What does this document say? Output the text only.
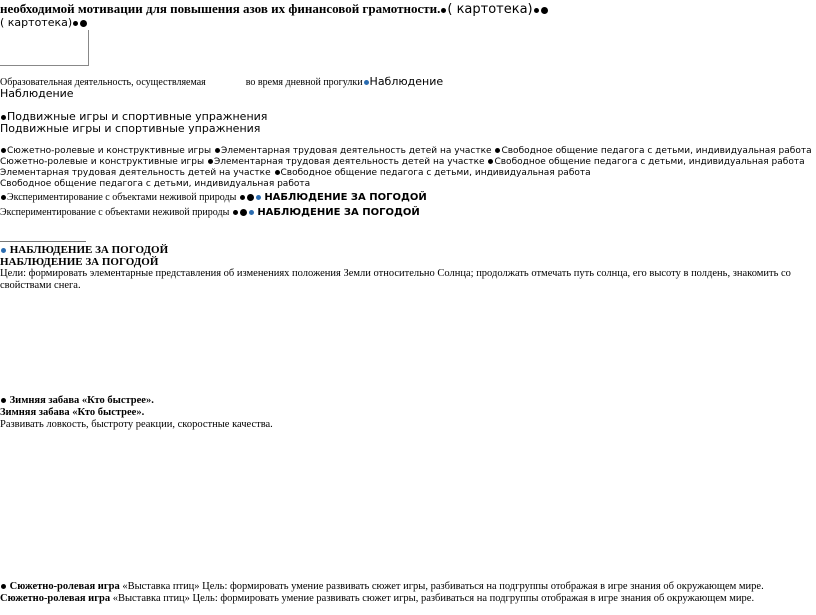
необходимой мотивации для повышения азов их финансовой грамотности. ( картотека)
( картотека)
Образовательная деятельность, осуществляемая	во время дневной прогулки Наблюдение
Наблюдение
Подвижные игры и спортивные упражнения
Подвижные игры и спортивные упражнения
Сюжетно-ролевые и конструктивные игры Элементарная трудовая деятельность детей на участке Свободное общение педагога с детьми, индивидуальная работа
Сюжетно-ролевые и конструктивные игры Элементарная трудовая деятельность детей на участке Свободное общение педагога с детьми, индивидуальная работа
Элементарная трудовая деятельность детей на участке Свободное общение педагога с детьми, индивидуальная работа
Свободное общение педагога с детьми, индивидуальная работа
Экспериментирование с объектами неживой природы	НАБЛЮДЕНИЕ ЗА ПОГОДОЙ
Экспериментирование с объектами неживой природы	НАБЛЮДЕНИЕ ЗА ПОГОДОЙ
НАБЛЮДЕНИЕ ЗА ПОГОДОЙ
НАБЛЮДЕНИЕ ЗА ПОГОДОЙ
Цели: формировать элементарные представления об изменениях положения Земли относительно Солнца; продолжать отмечать путь солнца, его высоту в полдень, знакомить со свойствами снега.
Зимняя забава «Кто быстрее».
Зимняя забава «Кто быстрее».
Развивать ловкость, быстроту реакции, скоростные качества.
Сюжетно-ролевая игра «Выставка птиц» Цель: формировать умение развивать сюжет игры, разбиваться на подгруппы отображая в игре знания об окружающем мире.
Сюжетно-ролевая игра «Выставка птиц» Цель: формировать умение развивать сюжет игры, разбиваться на подгруппы отображая в игре знания об окружающем мире.
